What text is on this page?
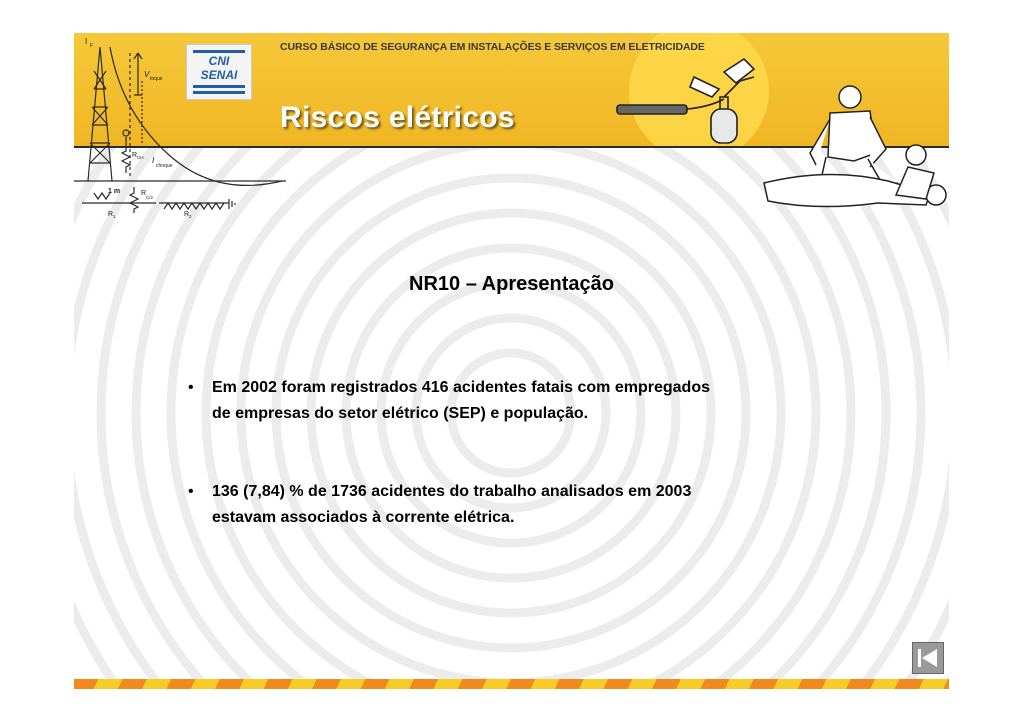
I F
V toque
R CH I
choque
1 m	R
C/2
R 1	R 2
CNI
SENAI
CURSO BÁSICO DE SEGURANÇA EM INSTALAÇÕES E SERVIÇOS EM ELETRICIDADE
Riscos elétricos
NR10 – Apresentação
• Em 2002 foram registrados 416 acidentes fatais com empregados
de empresas do setor elétrico (SEP) e população.
• 136 (7,84) % de 1736 acidentes do trabalho analisados em 2003
estavam associados à corrente elétrica.
